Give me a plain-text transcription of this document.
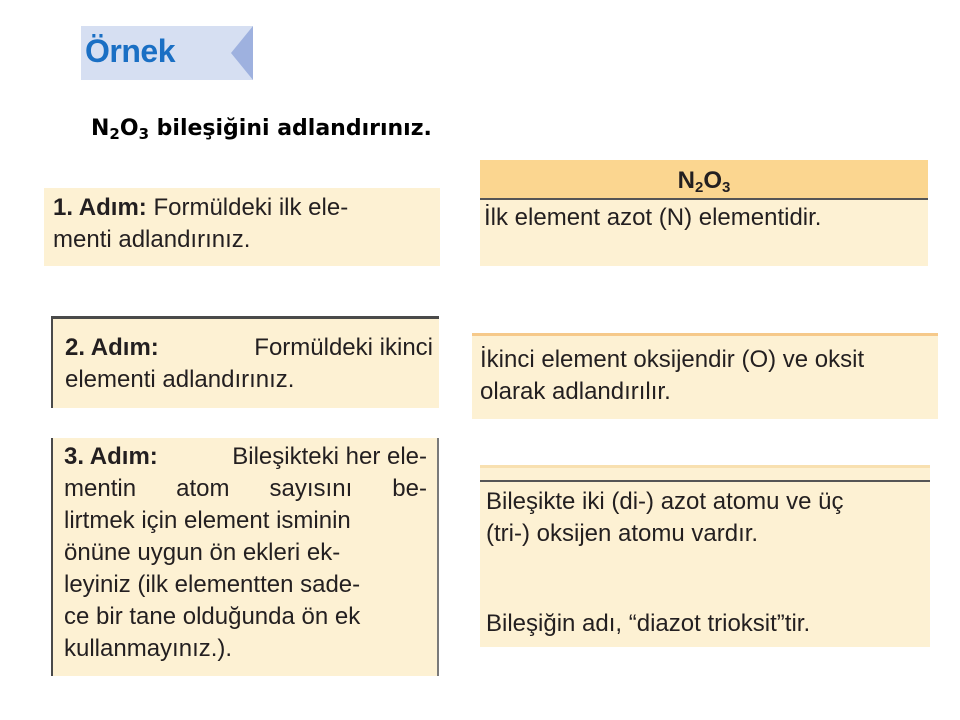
Örnek
$N_2O_3$ bileşiğini adlandırınız.
1. Adım: Formüldeki ilk ele-
menti adlandırınız.
2. Adım:	Formüldeki ikinci
elementi adlandırınız.
3. Adım:	Bileşikteki her ele-
mentin atom sayısını be-
lirtmek için element isminin
önüne uygun ön ekleri ek-
leyiniz (ilk elementten sade-
ce bir tane olduğunda ön ek
kullanmayınız.).
$N_2O_3$
İlk element azot (N) elementidir.
İkinci element oksijendir (O) ve oksit
olarak adlandırılır.
Bileşikte iki (di-) azot atomu ve üç
(tri-) oksijen atomu vardır.
Bileşiğin adı, “diazot trioksit”tir.
